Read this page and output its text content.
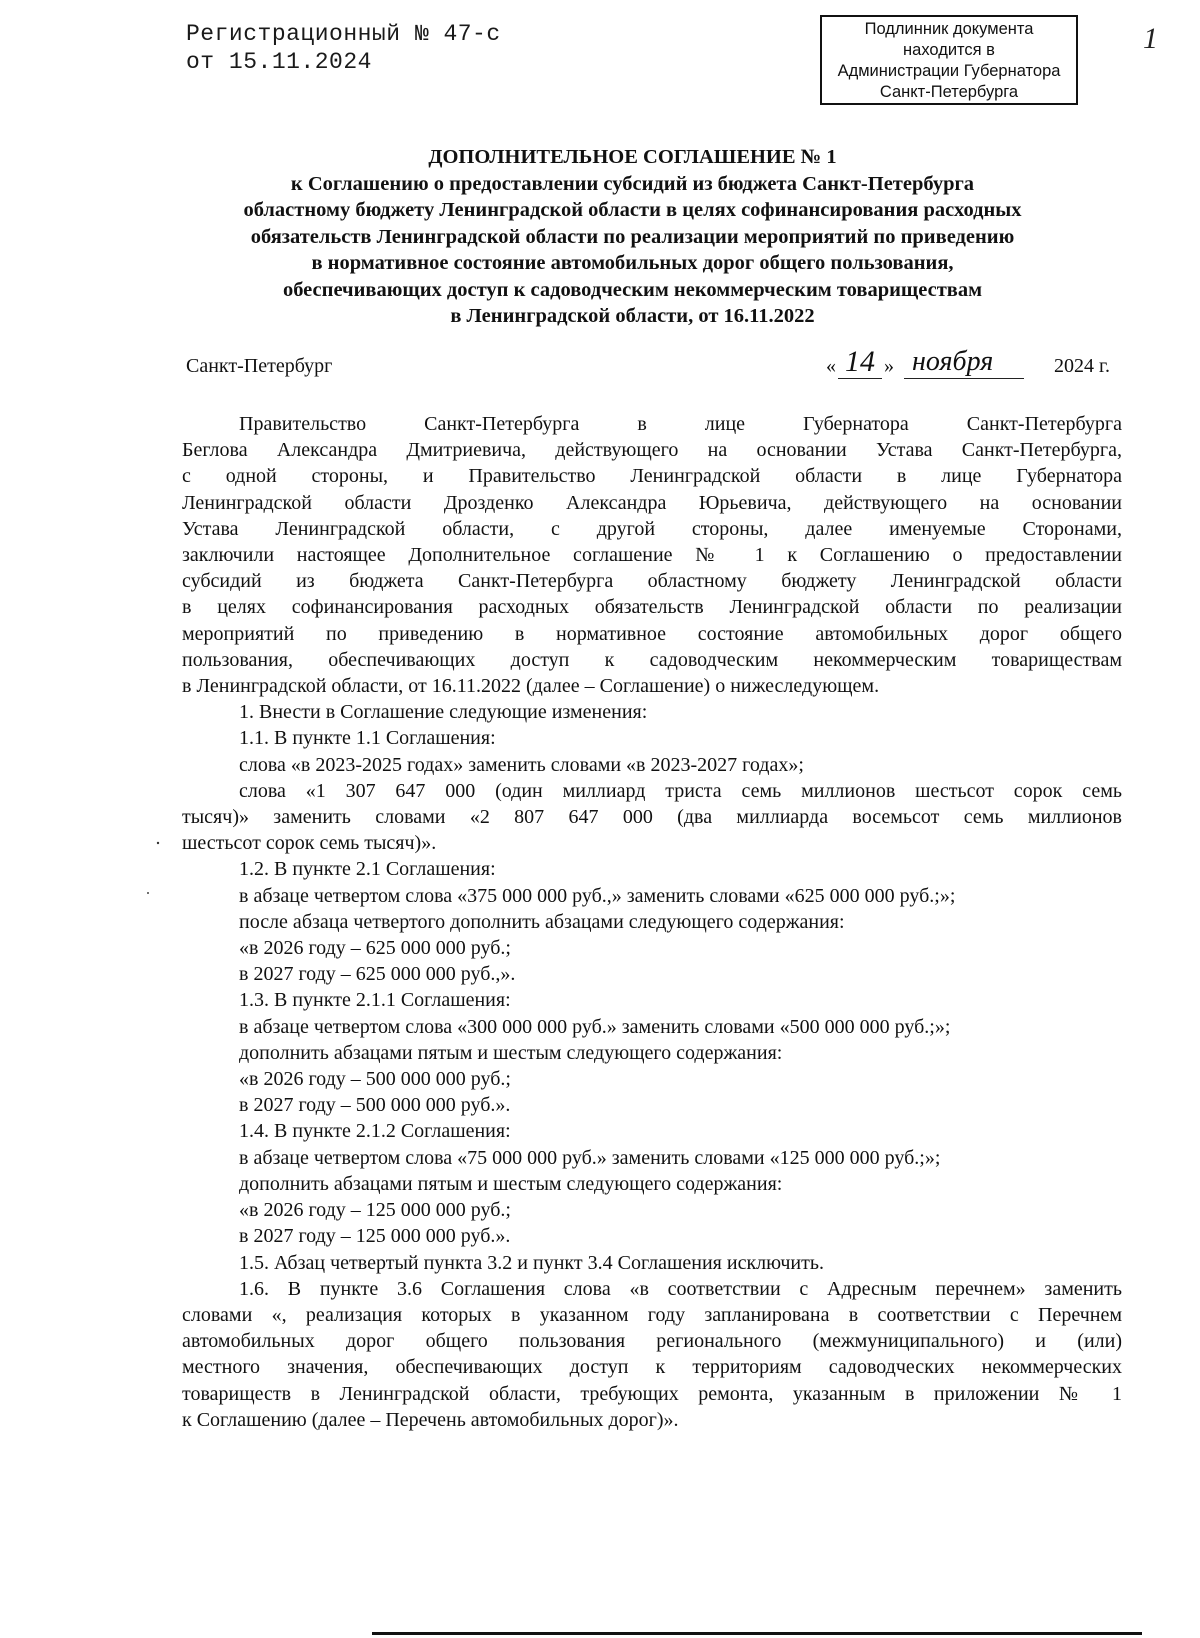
Регистрационный № 47-с
от 15.11.2024
Подлинник документа
находится в
Администрации Губернатора
Санкт-Петербурга
1
ДОПОЛНИТЕЛЬНОЕ СОГЛАШЕНИЕ № 1
к Соглашению о предоставлении субсидий из бюджета Санкт-Петербурга
областному бюджету Ленинградской области в целях софинансирования расходных
обязательств Ленинградской области по реализации мероприятий по приведению
в нормативное состояние автомобильных дорог общего пользования,
обеспечивающих доступ к садоводческим некоммерческим товариществам
в Ленинградской области, от 16.11.2022
Санкт-Петербург	« 14 » ноября	2024 г.
Правительство Санкт-Петербурга в лице Губернатора Санкт-Петербурга
Беглова Александра Дмитриевича, действующего на основании Устава Санкт-Петербурга,
с одной стороны, и Правительство Ленинградской области в лице Губернатора
Ленинградской области Дрозденко Александра Юрьевича, действующего на основании
Устава Ленинградской области, с другой стороны, далее именуемые Сторонами,
заключили настоящее Дополнительное соглашение № 1 к Соглашению о предоставлении
субсидий из бюджета Санкт-Петербурга областному бюджету Ленинградской области
в целях софинансирования расходных обязательств Ленинградской области по реализации
мероприятий по приведению в нормативное состояние автомобильных дорог общего
пользования, обеспечивающих доступ к садоводческим некоммерческим товариществам
в Ленинградской области, от 16.11.2022 (далее – Соглашение) о нижеследующем.
1. Внести в Соглашение следующие изменения:
1.1. В пункте 1.1 Соглашения:
слова «в 2023-2025 годах» заменить словами «в 2023-2027 годах»;
слова «1 307 647 000 (один миллиард триста семь миллионов шестьсот сорок семь
тысяч)» заменить словами «2 807 647 000 (два миллиарда восемьсот семь миллионов
шестьсот сорок семь тысяч)».
1.2. В пункте 2.1 Соглашения:
в абзаце четвертом слова «375 000 000 руб.,» заменить словами «625 000 000 руб.;»;
после абзаца четвертого дополнить абзацами следующего содержания:
«в 2026 году – 625 000 000 руб.;
в 2027 году – 625 000 000 руб.,».
1.3. В пункте 2.1.1 Соглашения:
в абзаце четвертом слова «300 000 000 руб.» заменить словами «500 000 000 руб.;»;
дополнить абзацами пятым и шестым следующего содержания:
«в 2026 году – 500 000 000 руб.;
в 2027 году – 500 000 000 руб.».
1.4. В пункте 2.1.2 Соглашения:
в абзаце четвертом слова «75 000 000 руб.» заменить словами «125 000 000 руб.;»;
дополнить абзацами пятым и шестым следующего содержания:
«в 2026 году – 125 000 000 руб.;
в 2027 году – 125 000 000 руб.».
1.5. Абзац четвертый пункта 3.2 и пункт 3.4 Соглашения исключить.
1.6. В пункте 3.6 Соглашения слова «в соответствии с Адресным перечнем» заменить
словами «, реализация которых в указанном году запланирована в соответствии с Перечнем
автомобильных дорог общего пользования регионального (межмуниципального) и (или)
местного значения, обеспечивающих доступ к территориям садоводческих некоммерческих
товариществ в Ленинградской области, требующих ремонта, указанным в приложении № 1
к Соглашению (далее – Перечень автомобильных дорог)».
